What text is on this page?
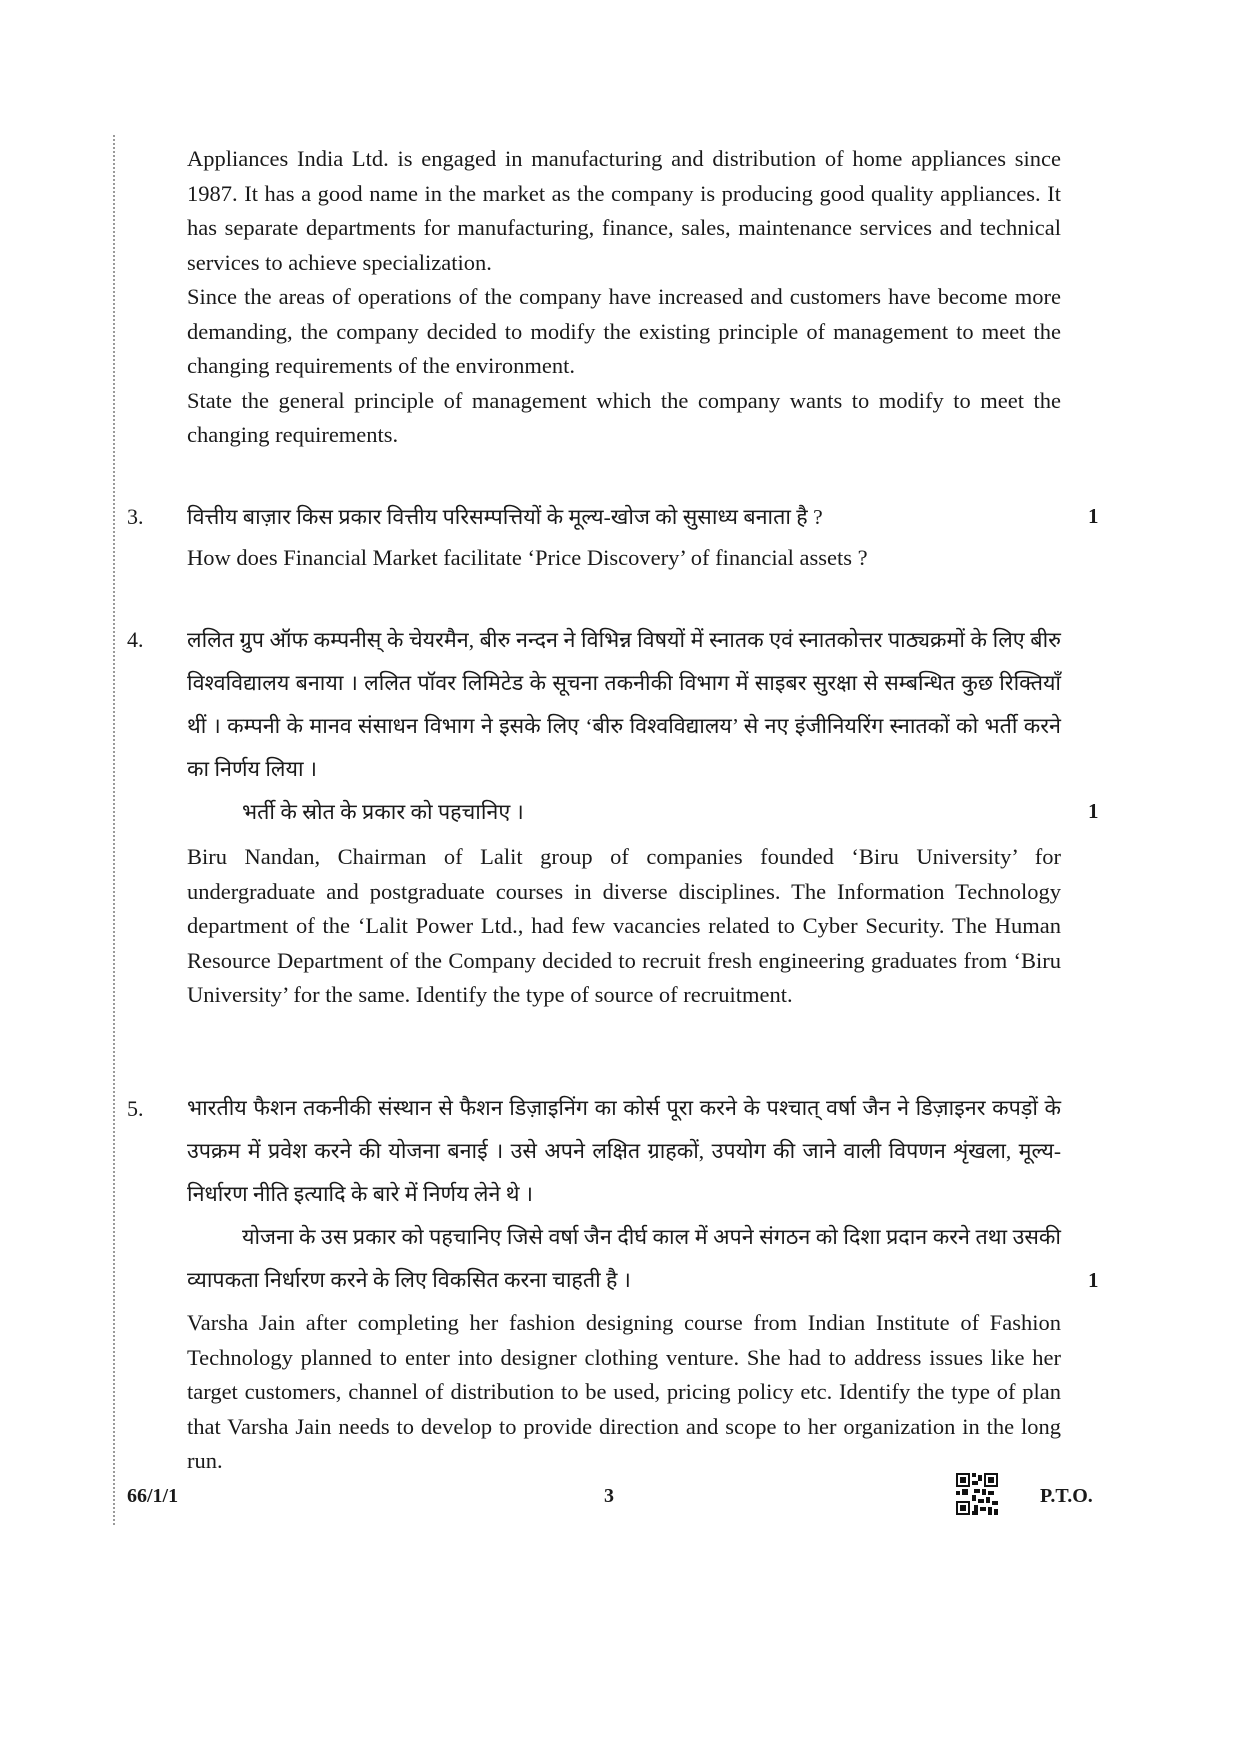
Appliances India Ltd. is engaged in manufacturing and distribution of home appliances since 1987. It has a good name in the market as the company is producing good quality appliances. It has separate departments for manufacturing, finance, sales, maintenance services and technical services to achieve specialization.

Since the areas of operations of the company have increased and customers have become more demanding, the company decided to modify the existing principle of management to meet the changing requirements of the environment.

State the general principle of management which the company wants to modify to meet the changing requirements.

3.	1

वित्तीय बाज़ार किस प्रकार वित्तीय परिसम्पत्तियों के मूल्य-खोज को सुसाध्य बनाता है ?

How does Financial Market facilitate ‘Price Discovery’ of financial assets ?

4.
1

ललित ग्रुप ऑफ कम्पनीस् के चेयरमैन, बीरु नन्दन ने विभिन्न विषयों में स्नातक एवं स्नातकोत्तर पाठ्यक्रमों के लिए बीरु विश्वविद्यालय बनाया । ललित पॉवर लिमिटेड के सूचना तकनीकी विभाग में साइबर सुरक्षा से सम्बन्धित कुछ रिक्तियाँ थीं । कम्पनी के मानव संसाधन विभाग ने इसके लिए ‘बीरु विश्वविद्यालय’ से नए इंजीनियरिंग स्नातकों को भर्ती करने का निर्णय लिया ।

भर्ती के स्रोत के प्रकार को पहचानिए ।

Biru Nandan, Chairman of Lalit group of companies founded ‘Biru University’ for undergraduate and postgraduate courses in diverse disciplines. The Information Technology department of the ‘Lalit Power Ltd., had few vacancies related to Cyber Security. The Human Resource Department of the Company decided to recruit fresh engineering graduates from ‘Biru University’ for the same. Identify the type of source of recruitment.

5.
1

भारतीय फैशन तकनीकी संस्थान से फैशन डिज़ाइनिंग का कोर्स पूरा करने के पश्चात् वर्षा जैन ने डिज़ाइनर कपड़ों के उपक्रम में प्रवेश करने की योजना बनाई । उसे अपने लक्षित ग्राहकों, उपयोग की जाने वाली विपणन शृंखला, मूल्य-निर्धारण नीति इत्यादि के बारे में निर्णय लेने थे ।

योजना के उस प्रकार को पहचानिए जिसे वर्षा जैन दीर्घ काल में अपने संगठन को दिशा प्रदान करने तथा उसकी व्यापकता निर्धारण करने के लिए विकसित करना चाहती है ।

Varsha Jain after completing her fashion designing course from Indian Institute of Fashion Technology planned to enter into designer clothing venture. She had to address issues like her target customers, channel of distribution to be used, pricing policy etc. Identify the type of plan that Varsha Jain needs to develop to provide direction and scope to her organization in the long run.

66/1/1	3	P.T.O.
